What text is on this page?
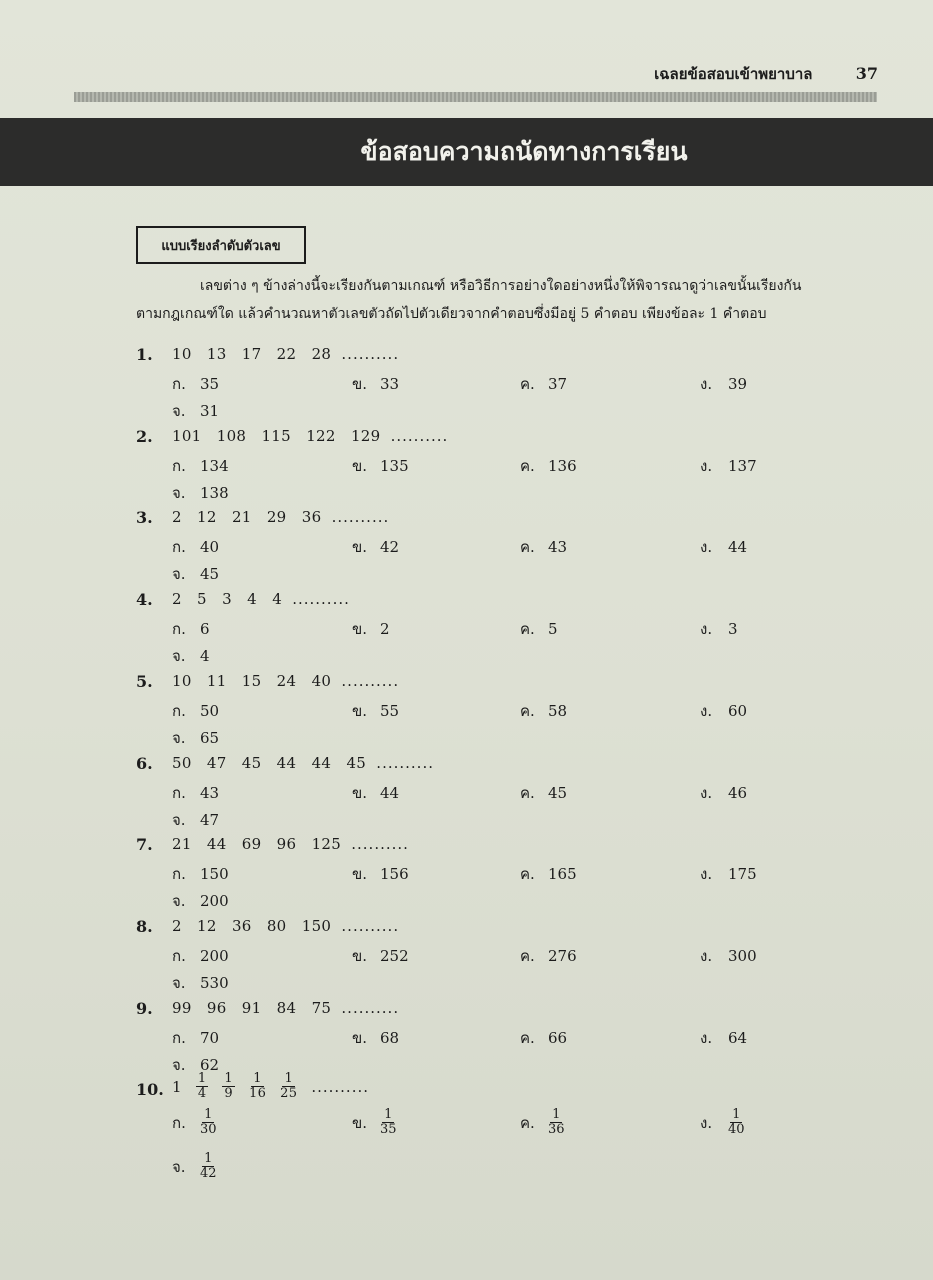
เฉลยข้อสอบเข้าพยาบาล	37
ข้อสอบความถนัดทางการเรียน
แบบเรียงลำดับตัวเลข
เลขต่าง ๆ ข้างล่างนี้จะเรียงกันตามเกณฑ์ หรือวิธีการอย่างใดอย่างหนึ่งให้พิจารณาดูว่าเลขนั้นเรียงกัน
ตามกฎเกณฑ์ใด แล้วคำนวณหาตัวเลขตัวถัดไปตัวเดียวจากคำตอบซึ่งมีอยู่ 5 คำตอบ เพียงข้อละ 1 คำตอบ
1. 10   13   17   22   28 ..........
ก. 35	ข. 33	ค. 37	ง. 39
จ. 31
2. 101   108   115   122   129 ..........
ก. 134	ข. 135	ค. 136	ง. 137
จ. 138
3. 2   12   21   29   36 ..........
ก. 40	ข. 42	ค. 43	ง. 44
จ. 45
4. 2   5   3   4   4 ..........
ก. 6	ข. 2	ค. 5	ง. 3
จ. 4
5. 10   11   15   24   40 ..........
ก. 50	ข. 55	ค. 58	ง. 60
จ. 65
6. 50   47   45   44   44   45 ..........
ก. 43	ข. 44	ค. 45	ง. 46
จ. 47
7. 21   44   69   96   125 ..........
ก. 150	ข. 156	ค. 165	ง. 175
จ. 200
8. 2   12   36   80   150 ..........
ก. 200	ข. 252	ค. 276	ง. 300
จ. 530
9. 99   96   91   84   75 ..........
ก. 70	ข. 68	ค. 66	ง. 64
จ. 62
10. $1 \frac{1}{4} \frac{1}{9} \frac{1}{16} \frac{1}{25}$ ..........
ก.	$\frac{1}{30}$	ข. $\frac{1}{35}$	ค.	$\frac{1}{36}$	ง.	$\frac{1}{40}$
จ.	$\frac{1}{42}$
